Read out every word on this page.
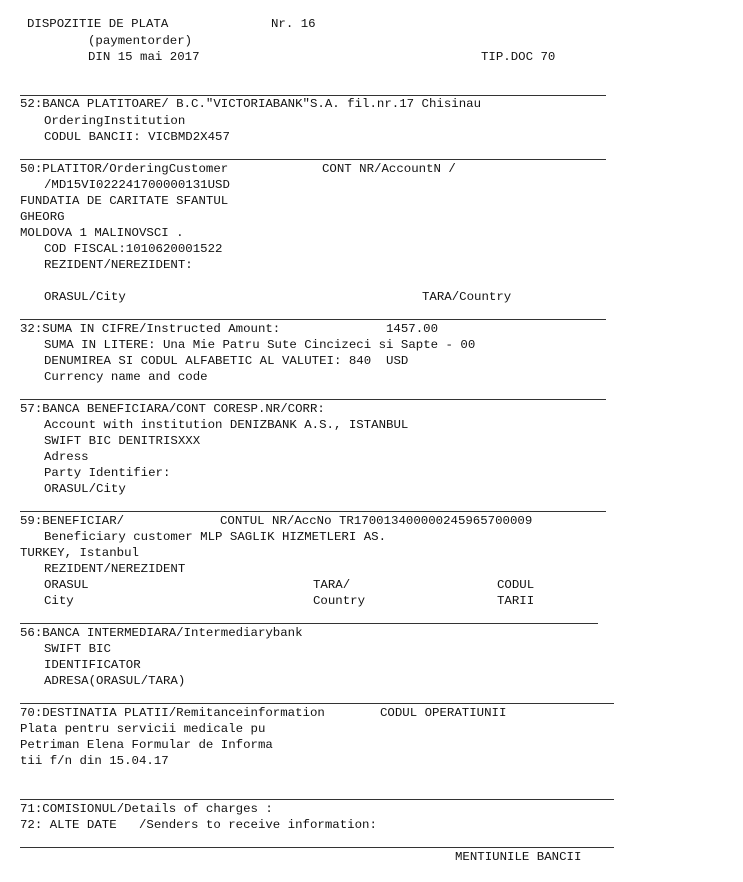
DISPOZITIE DE PLATA	Nr. 16
(paymentorder)
DIN 15 mai 2017	TIP.DOC 70
52:BANCA PLATITOARE/ B.C."VICTORIABANK"S.A. fil.nr.17 Chisinau
OrderingInstitution
CODUL BANCII: VICBMD2X457
50:PLATITOR/OrderingCustomer	CONT NR/AccountN /
/MD15VI022241700000131USD
FUNDATIA DE CARITATE SFANTUL
GHEORG
MOLDOVA 1 MALINOVSCI .
COD FISCAL:1010620001522
REZIDENT/NEREZIDENT:
ORASUL/City	TARA/Country
32:SUMA IN CIFRE/Instructed Amount:	1457.00
SUMA IN LITERE: Una Mie Patru Sute Cincizeci si Sapte - 00
DENUMIREA SI CODUL ALFABETIC AL VALUTEI: 840  USD
Currency name and code
57:BANCA BENEFICIARA/CONT CORESP.NR/CORR:
Account with institution DENIZBANK A.S., ISTANBUL
SWIFT BIC DENITRISXXX
Adress
Party Identifier:
ORASUL/City
59:BENEFICIAR/	CONTUL NR/AccNo TR170013400000245965700009
Beneficiary customer MLP SAGLIK HIZMETLERI AS.
TURKEY, Istanbul
REZIDENT/NEREZIDENT
ORASUL	TARA/	CODUL
City	Country	TARII
56:BANCA INTERMEDIARA/Intermediarybank
SWIFT BIC
IDENTIFICATOR
ADRESA(ORASUL/TARA)
70:DESTINATIA PLATII/Remitanceinformation	CODUL OPERATIUNII
Plata pentru servicii medicale pu
Petriman Elena Formular de Informa
tii f/n din 15.04.17
71:COMISIONUL/Details of charges :
72: ALTE DATE   /Senders to receive information:
MENTIUNILE BANCII
